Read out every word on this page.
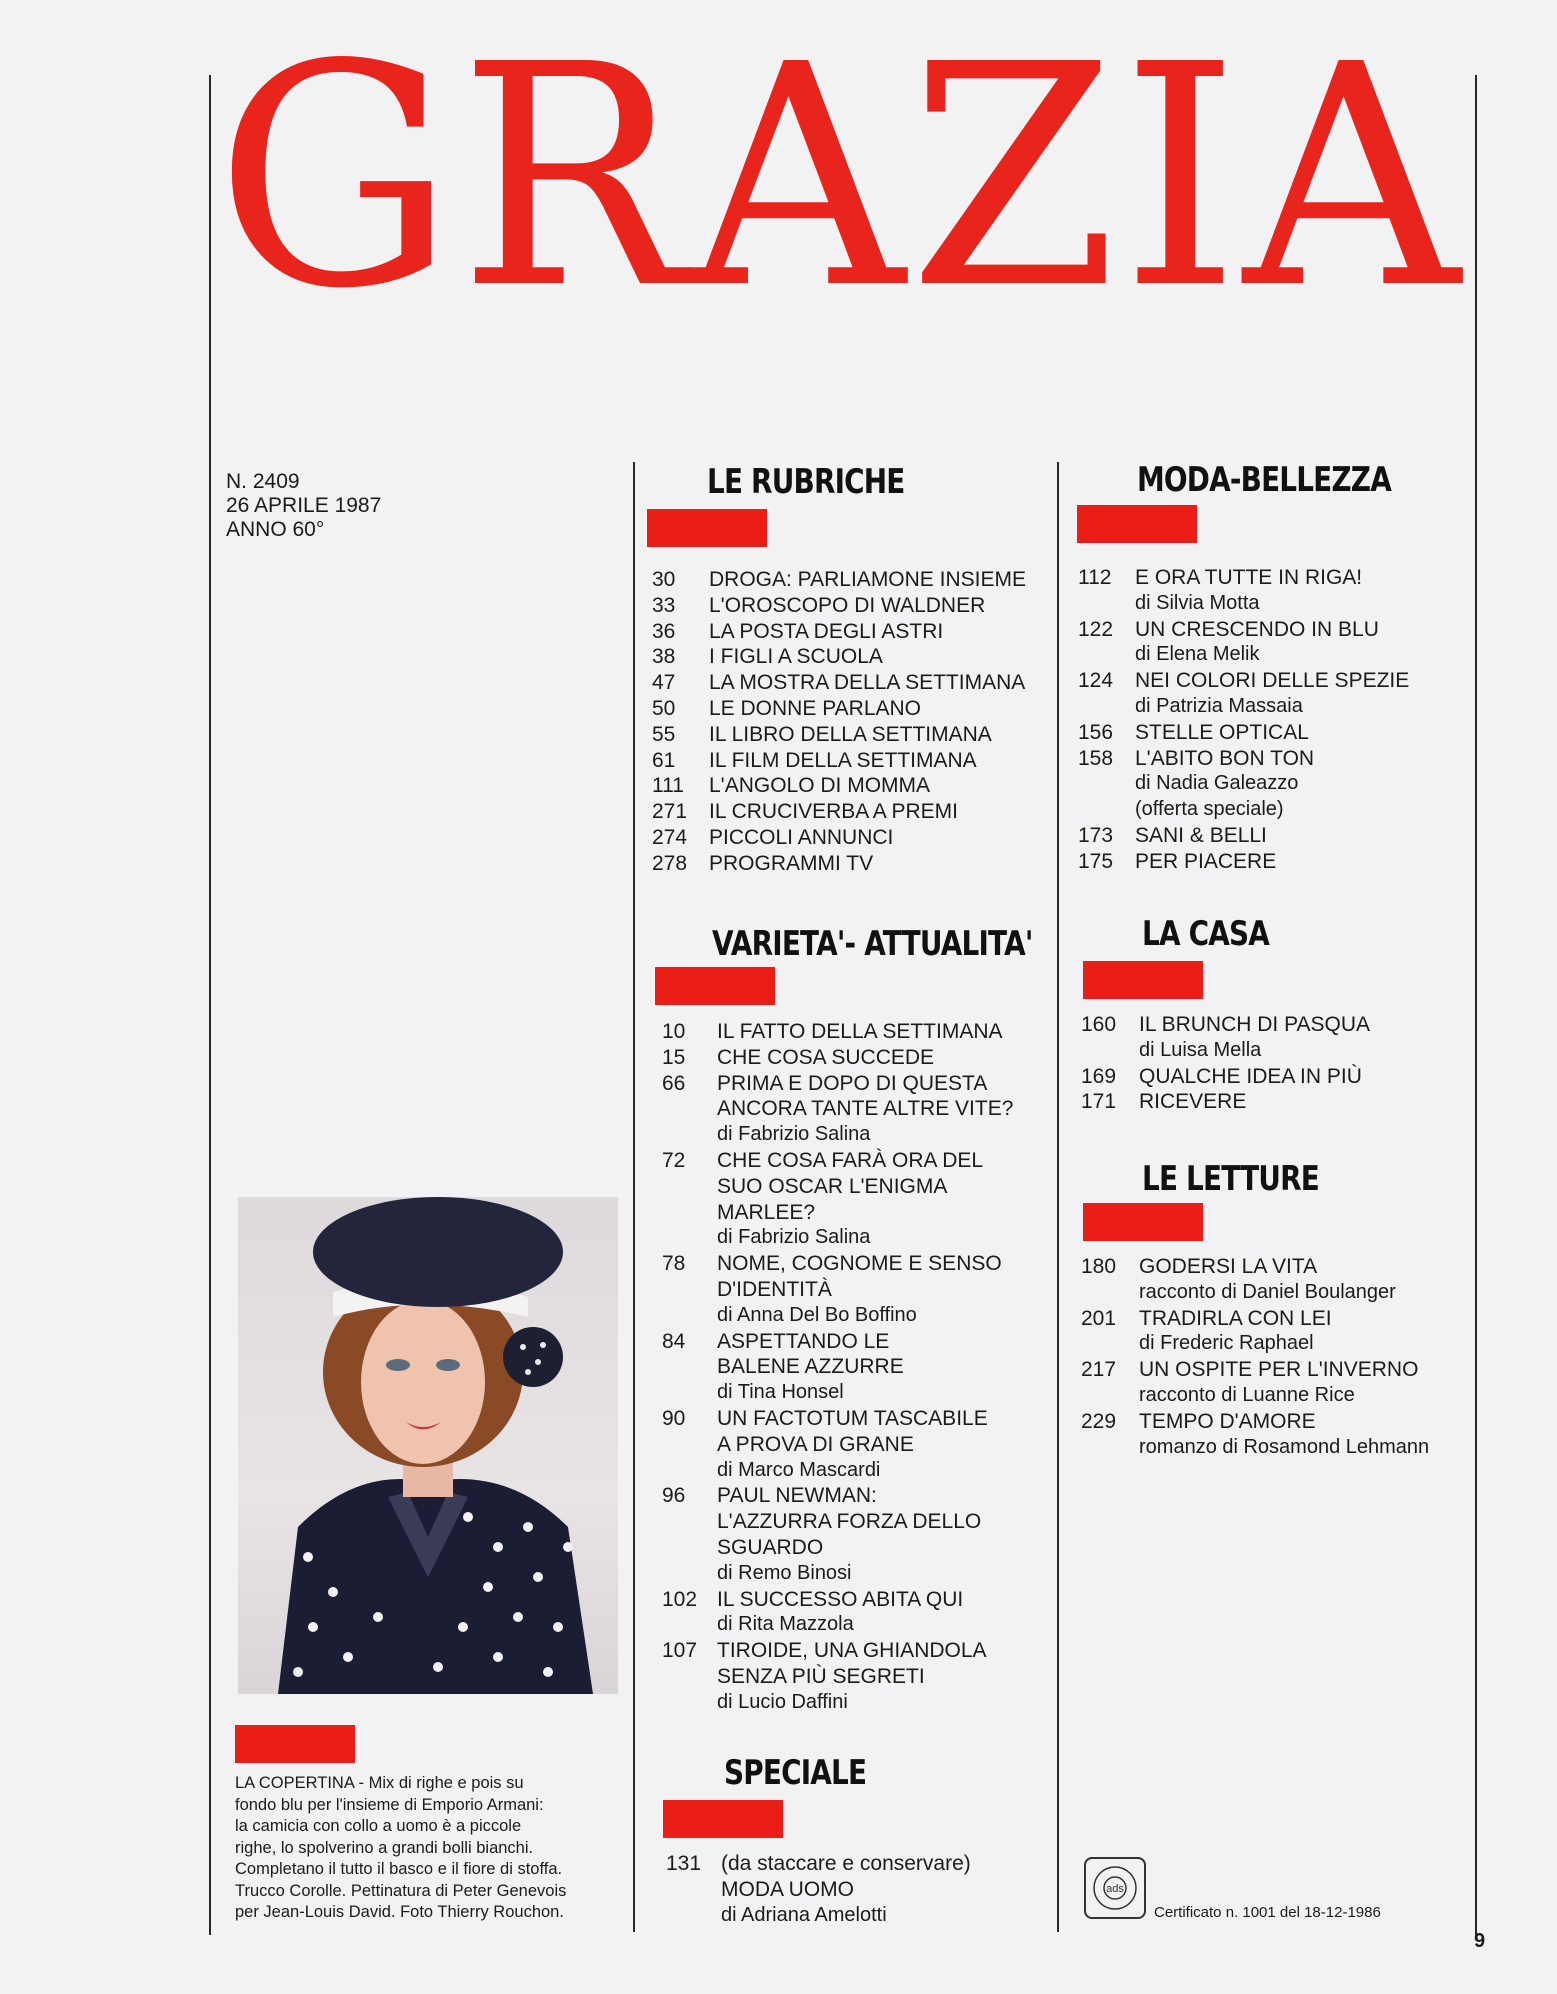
G R A Z I A
N. 2409
26 APRILE 1987
ANNO 60°
LE RUBRICHE
30	DROGA: PARLIAMONE INSIEME
33	L'OROSCOPO DI WALDNER
36	LA POSTA DEGLI ASTRI
38	I FIGLI A SCUOLA
47	LA MOSTRA DELLA SETTIMANA
50	LE DONNE PARLANO
55	IL LIBRO DELLA SETTIMANA
61	IL FILM DELLA SETTIMANA
111	L'ANGOLO DI MOMMA
271	IL CRUCIVERBA A PREMI
274	PICCOLI ANNUNCI
278	PROGRAMMI TV
VARIETA'- ATTUALITA'
10	IL FATTO DELLA SETTIMANA
15	CHE COSA SUCCEDE
66	PRIMA E DOPO DI QUESTA
ANCORA TANTE ALTRE VITE?
di Fabrizio Salina
72	CHE COSA FARÀ ORA DEL
SUO OSCAR L'ENIGMA
MARLEE?
di Fabrizio Salina
78	NOME, COGNOME E SENSO
D'IDENTITÀ
di Anna Del Bo Boffino
84	ASPETTANDO LE
BALENE AZZURRE
di Tina Honsel
90	UN FACTOTUM TASCABILE
A PROVA DI GRANE
di Marco Mascardi
96	PAUL NEWMAN:
L'AZZURRA FORZA DELLO
SGUARDO
di Remo Binosi
102 IL SUCCESSO ABITA QUI
di Rita Mazzola
107 TIROIDE, UNA GHIANDOLA
SENZA PIÙ SEGRETI
di Lucio Daffini
SPECIALE
131 (da staccare e conservare)
MODA UOMO
di Adriana Amelotti
MODA-BELLEZZA
112	E ORA TUTTE IN RIGA!
di Silvia Motta
122	UN CRESCENDO IN BLU
di Elena Melik
124	NEI COLORI DELLE SPEZIE
di Patrizia Massaia
156	STELLE OPTICAL
158	L'ABITO BON TON
di Nadia Galeazzo
(offerta speciale)
173	SANI & BELLI
175	PER PIACERE
LA CASA
160	IL BRUNCH DI PASQUA
di Luisa Mella
169	QUALCHE IDEA IN PIÙ
171	RICEVERE
LE LETTURE
180	GODERSI LA VITA
racconto di Daniel Boulanger
201	TRADIRLA CON LEI
di Frederic Raphael
217	UN OSPITE PER L'INVERNO
racconto di Luanne Rice
229	TEMPO D'AMORE
romanzo di Rosamond Lehmann
LA COPERTINA - Mix di righe e pois su
fondo blu per l'insieme di Emporio Armani:
la camicia con collo a uomo è a piccole
righe, lo spolverino a grandi bolli bianchi.
Completano il tutto il basco e il fiore di stoffa.
Trucco Corolle. Pettinatura di Peter Genevois
per Jean-Louis David. Foto Thierry Rouchon.
ads
Certificato n. 1001 del 18-12-1986
9
